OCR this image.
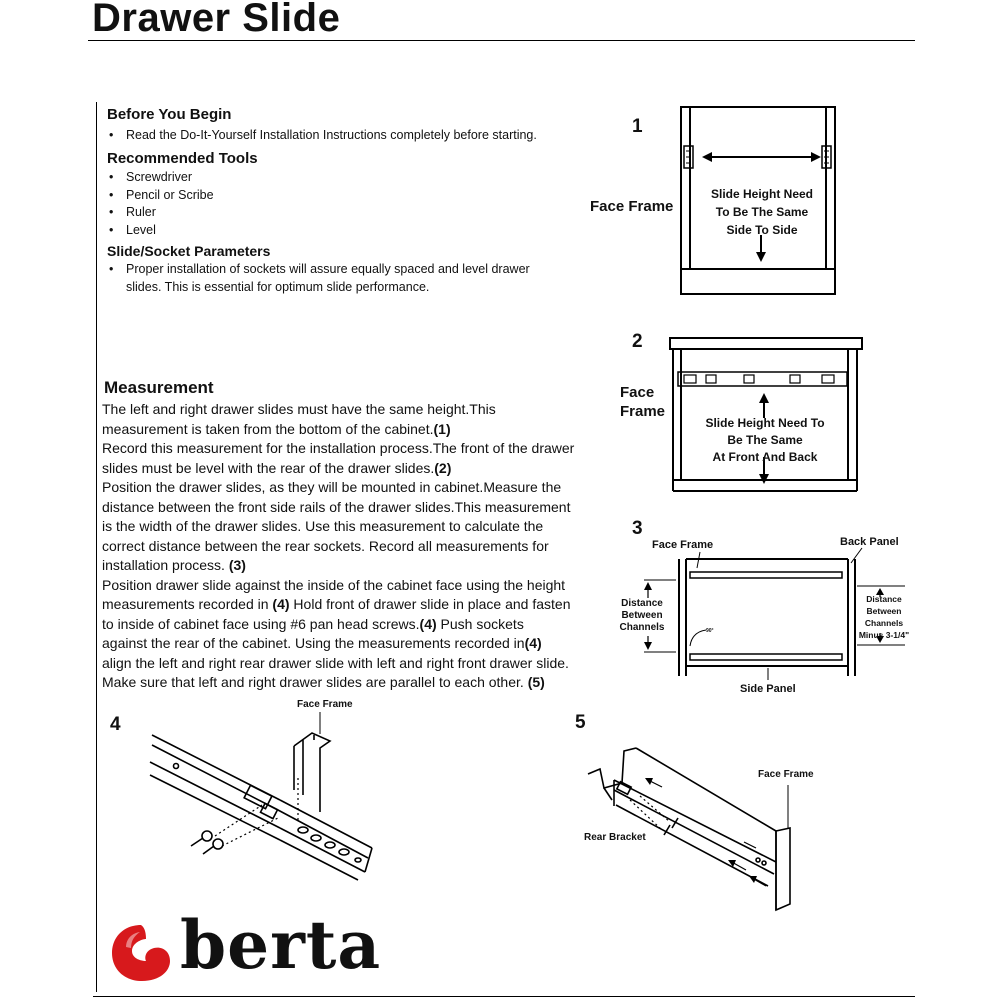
Drawer Slide
Before You Begin
• Read the Do-It-Yourself Installation Instructions completely before starting.
Recommended Tools
• Screwdriver
• Pencil or Scribe
• Ruler
• Level
Slide/Socket Parameters
• Proper installation of sockets will assure equally spaced and level drawer
slides. This is essential for optimum slide performance.
Measurement

The left and right drawer slides must have the same height.This

measurement is taken from the bottom of the cabinet.(1)

Record this measurement for the installation process.The front of the drawer

slides must be level with the rear of the drawer slides.(2)

Position the drawer slides, as they will be mounted in cabinet.Measure the

distance between the front side rails of the drawer slides.This measurement

is the width of the drawer slides. Use this measurement to calculate the

correct distance between the rear sockets. Record all measurements for

installation process. (3)

Position drawer slide against the inside of the cabinet face using the height

measurements recorded in (4) Hold front of drawer slide in place and fasten

to inside of cabinet face using #6 pan head screws.(4) Push sockets

against the rear of the cabinet. Using the measurements recorded in(4)

align the left and right rear drawer slide with left and right front drawer slide.

Make sure that left and right drawer slides are parallel to each other. (5)

1
Face Frame
Slide Height Need
To Be The Same
Side To Side
2
Face
Frame
Slide Height Need To
Be The Same
At Front And Back
3
Face Frame	Back Panel
Side Panel
Distance
Between
Channels
Distance
Between
Channels
Minus 3-1/4"
90°
4
Face Frame
5
Face Frame
Rear Bracket
berta
